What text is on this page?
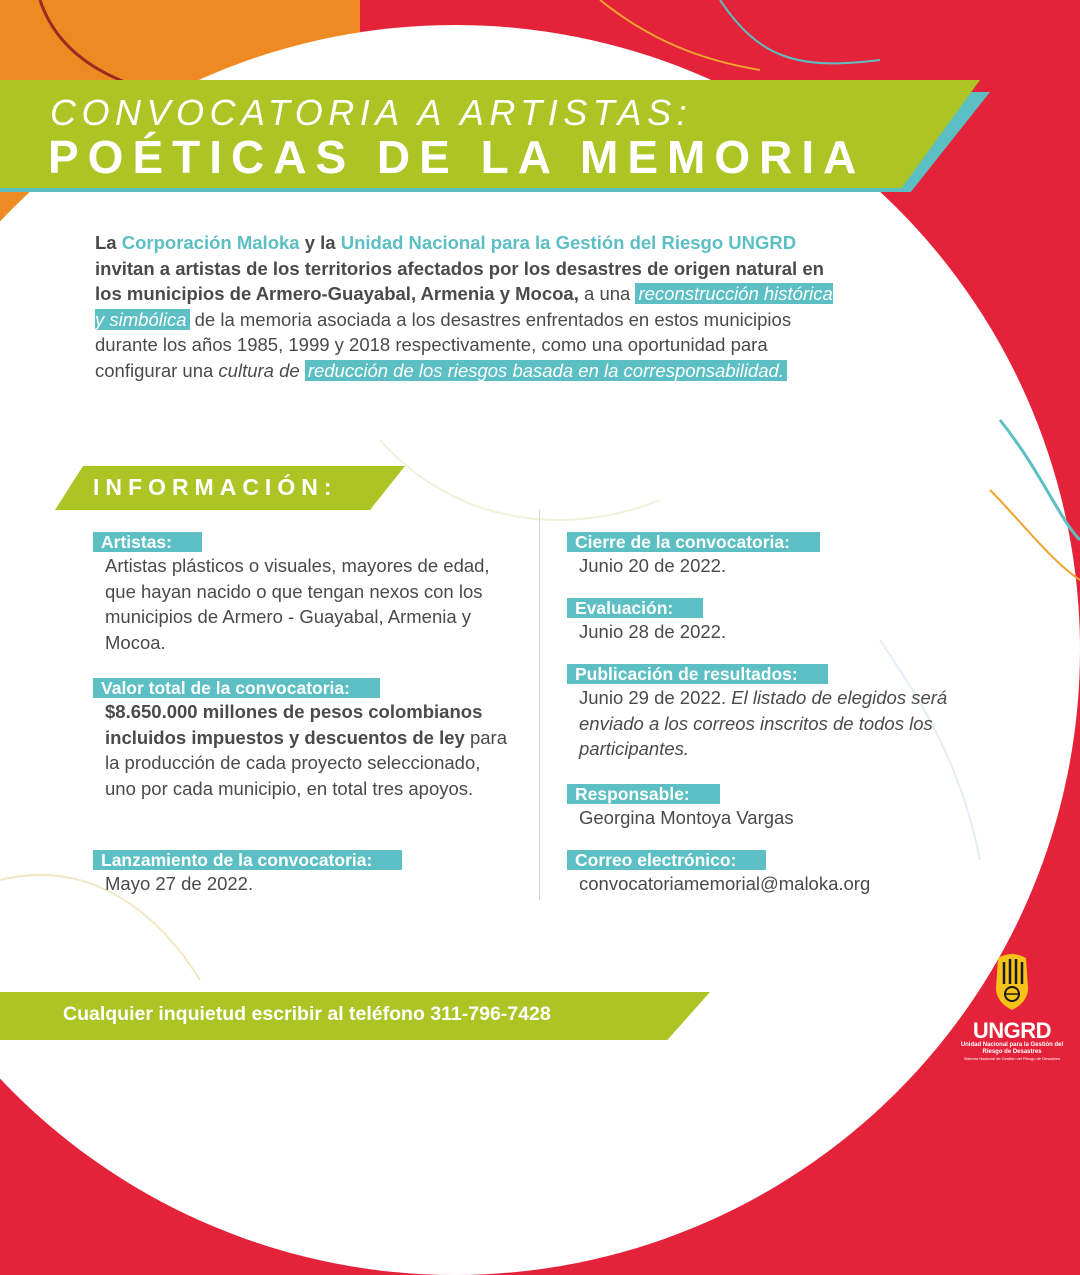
CONVOCATORIA A ARTISTAS:
POÉTICAS DE LA MEMORIA
La Corporación Maloka y la Unidad Nacional para la Gestión del Riesgo UNGRD invitan a artistas de los territorios afectados por los desastres de origen natural en los municipios de Armero-Guayabal, Armenia y Mocoa, a una reconstrucción histórica y simbólica de la memoria asociada a los desastres enfrentados en estos municipios durante los años 1985, 1999 y 2018 respectivamente, como una oportunidad para configurar una cultura de reducción de los riesgos basada en la corresponsabilidad.
INFORMACIÓN:
Artistas:
Artistas plásticos o visuales, mayores de edad, que hayan nacido o que tengan nexos con los municipios de Armero - Guayabal, Armenia y Mocoa.
Valor total de la convocatoria:
$8.650.000 millones de pesos colombianos incluidos impuestos y descuentos de ley para la producción de cada proyecto seleccionado, uno por cada municipio, en total tres apoyos.
Lanzamiento de la convocatoria:
Mayo 27 de 2022.
Cierre de la convocatoria:
Junio 20 de 2022.
Evaluación:
Junio 28 de 2022.
Publicación de resultados:
Junio 29 de 2022. El listado de elegidos será enviado a los correos inscritos de todos los participantes.
Responsable:
Georgina Montoya Vargas
Correo electrónico:
convocatoriamemorial@maloka.org
Cualquier inquietud escribir al teléfono 311-796-7428
M A
L O
K A	UNGRD
Unidad Nacional para la Gestión del Riesgo de Desastres
Sistema Nacional de Gestión del Riesgo de Desastres
